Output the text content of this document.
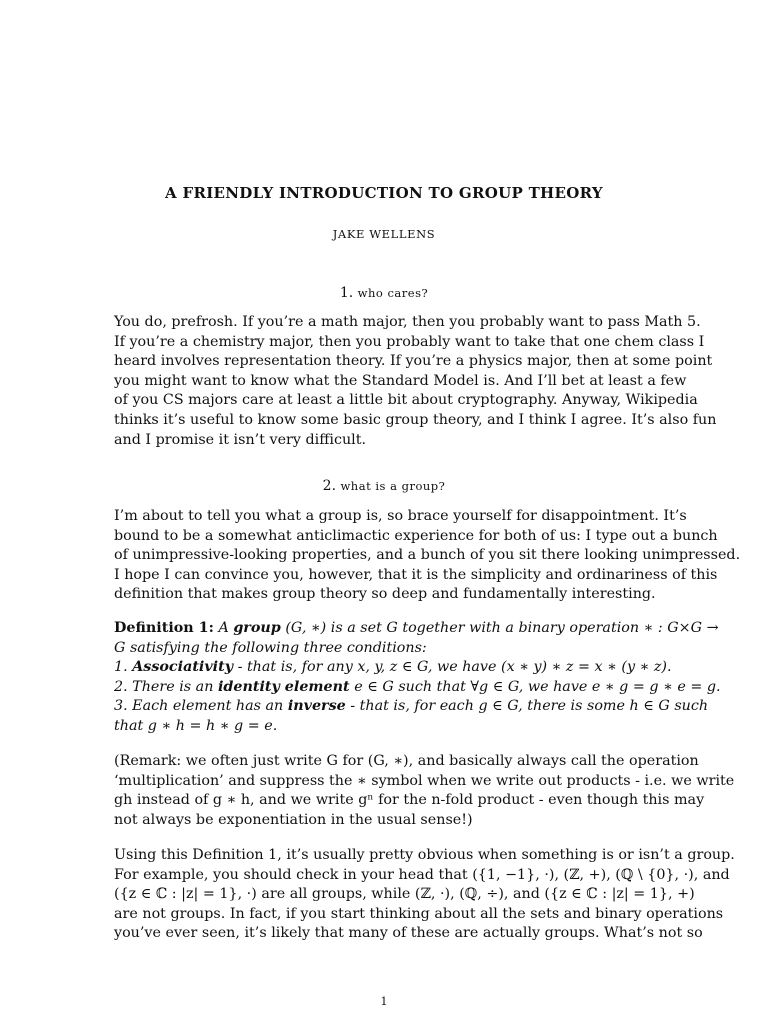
A FRIENDLY INTRODUCTION TO GROUP THEORY
JAKE WELLENS
1. who cares?
You do, prefrosh. If you’re a math major, then you probably want to pass Math 5.
If you’re a chemistry major, then you probably want to take that one chem class I
heard involves representation theory. If you’re a physics major, then at some point
you might want to know what the Standard Model is. And I’ll bet at least a few
of you CS majors care at least a little bit about cryptography. Anyway, Wikipedia
thinks it’s useful to know some basic group theory, and I think I agree. It’s also fun
and I promise it isn’t very difficult.
2. what is a group?
I’m about to tell you what a group is, so brace yourself for disappointment. It’s
bound to be a somewhat anticlimactic experience for both of us: I type out a bunch
of unimpressive-looking properties, and a bunch of you sit there looking unimpressed.
I hope I can convince you, however, that it is the simplicity and ordinariness of this
definition that makes group theory so deep and fundamentally interesting.
Definition 1: A group (G, ∗) is a set G together with a binary operation ∗ : G×G →
G satisfying the following three conditions:
1. Associativity - that is, for any x, y, z ∈ G, we have (x ∗ y) ∗ z = x ∗ (y ∗ z).
2. There is an identity element e ∈ G such that ∀g ∈ G, we have e ∗ g = g ∗ e = g.
3. Each element has an inverse - that is, for each g ∈ G, there is some h ∈ G such
that g ∗ h = h ∗ g = e.
(Remark: we often just write G for (G, ∗), and basically always call the operation
‘multiplication’ and suppress the ∗ symbol when we write out products - i.e. we write
gh instead of g ∗ h, and we write gⁿ for the n-fold product - even though this may
not always be exponentiation in the usual sense!)
Using this Definition 1, it’s usually pretty obvious when something is or isn’t a group.
For example, you should check in your head that ({1, −1}, ·), (ℤ, +), (ℚ \ {0}, ·), and
({z ∈ ℂ : |z| = 1}, ·) are all groups, while (ℤ, ·), (ℚ, ÷), and ({z ∈ ℂ : |z| = 1}, +)
are not groups. In fact, if you start thinking about all the sets and binary operations
you’ve ever seen, it’s likely that many of these are actually groups. What’s not so
1
